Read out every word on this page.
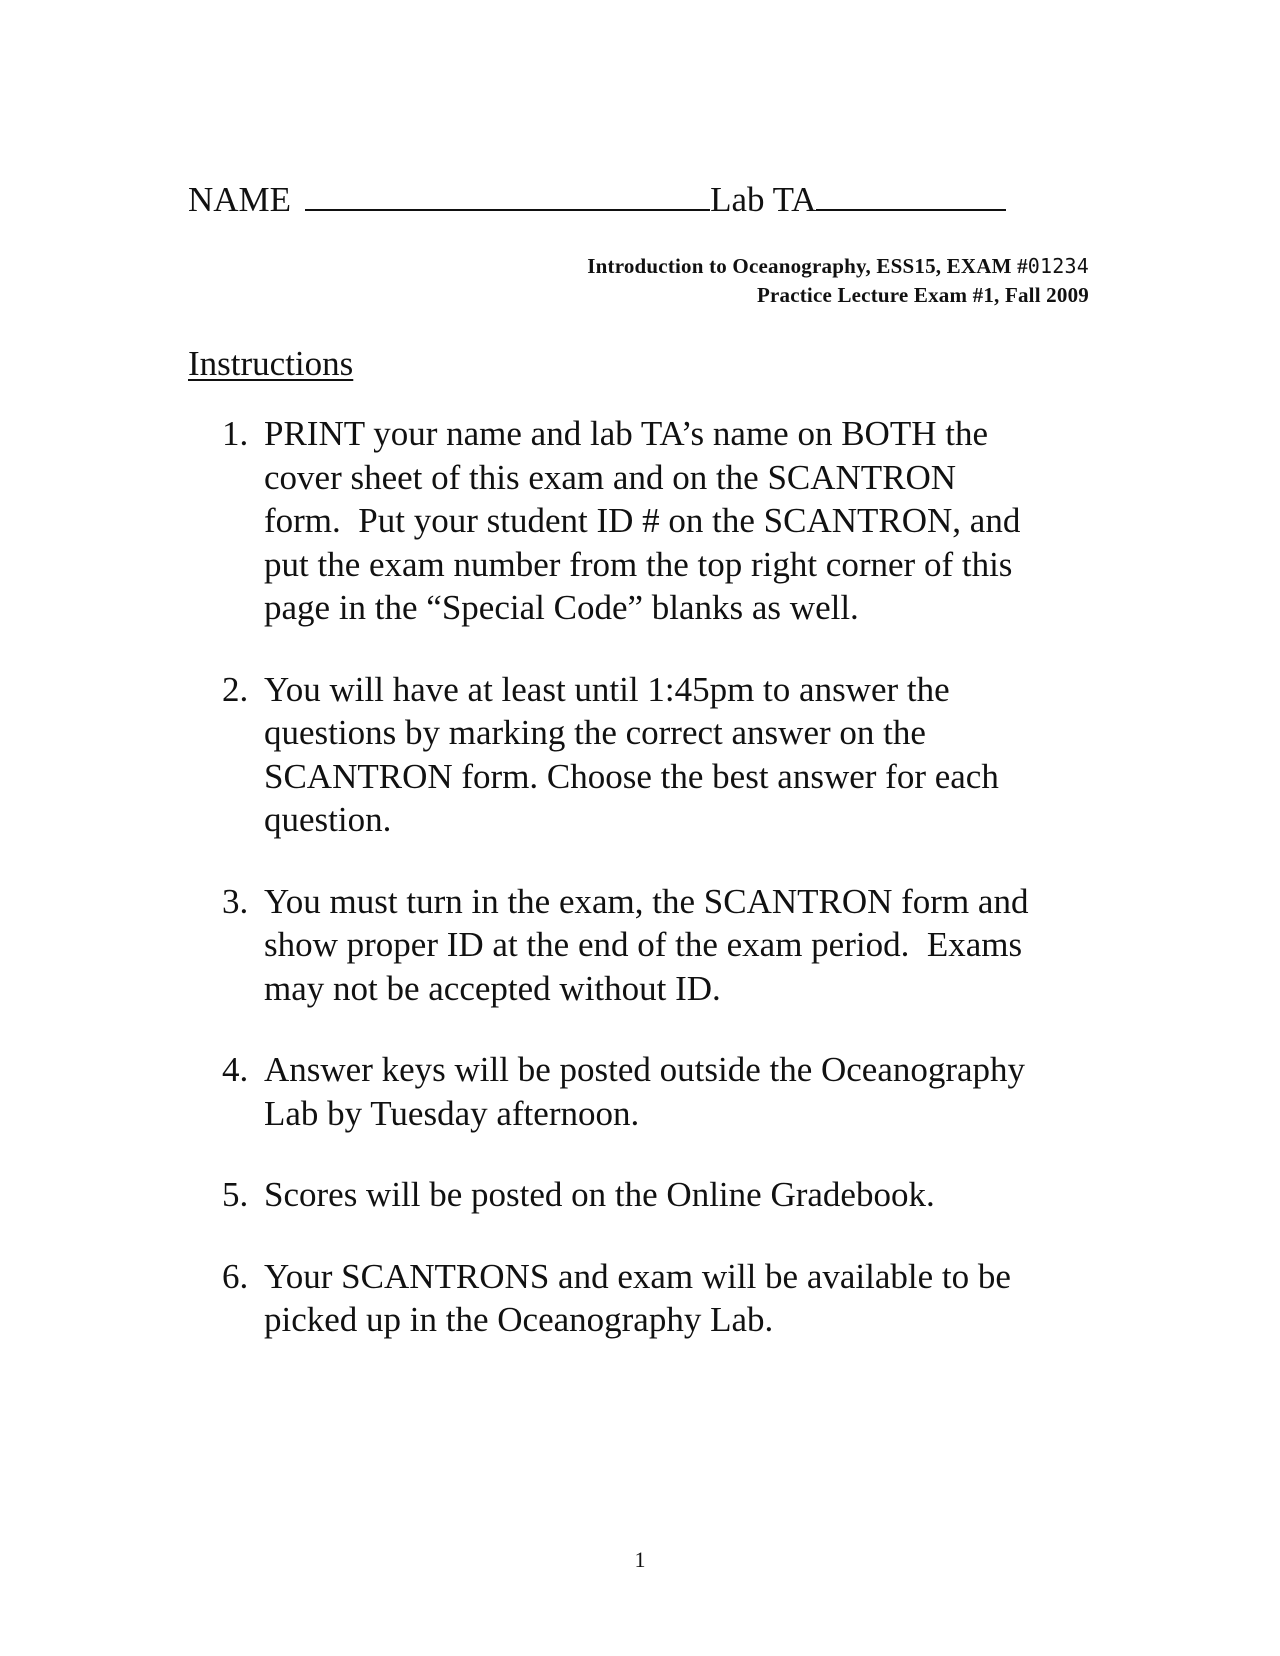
NAME	Lab TA
Introduction to Oceanography, ESS15, EXAM #01234
Practice Lecture Exam #1, Fall 2009
Instructions
1. PRINT your name and lab TA’s name on BOTH the
cover sheet of this exam and on the SCANTRON
form.  Put your student ID # on the SCANTRON, and
put the exam number from the top right corner of this
page in the “Special Code” blanks as well.
2. You will have at least until 1:45pm to answer the
questions by marking the correct answer on the
SCANTRON form. Choose the best answer for each
question.
3. You must turn in the exam, the SCANTRON form and
show proper ID at the end of the exam period.  Exams
may not be accepted without ID.
4. Answer keys will be posted outside the Oceanography
Lab by Tuesday afternoon.
5. Scores will be posted on the Online Gradebook.
6. Your SCANTRONS and exam will be available to be
picked up in the Oceanography Lab.
1
